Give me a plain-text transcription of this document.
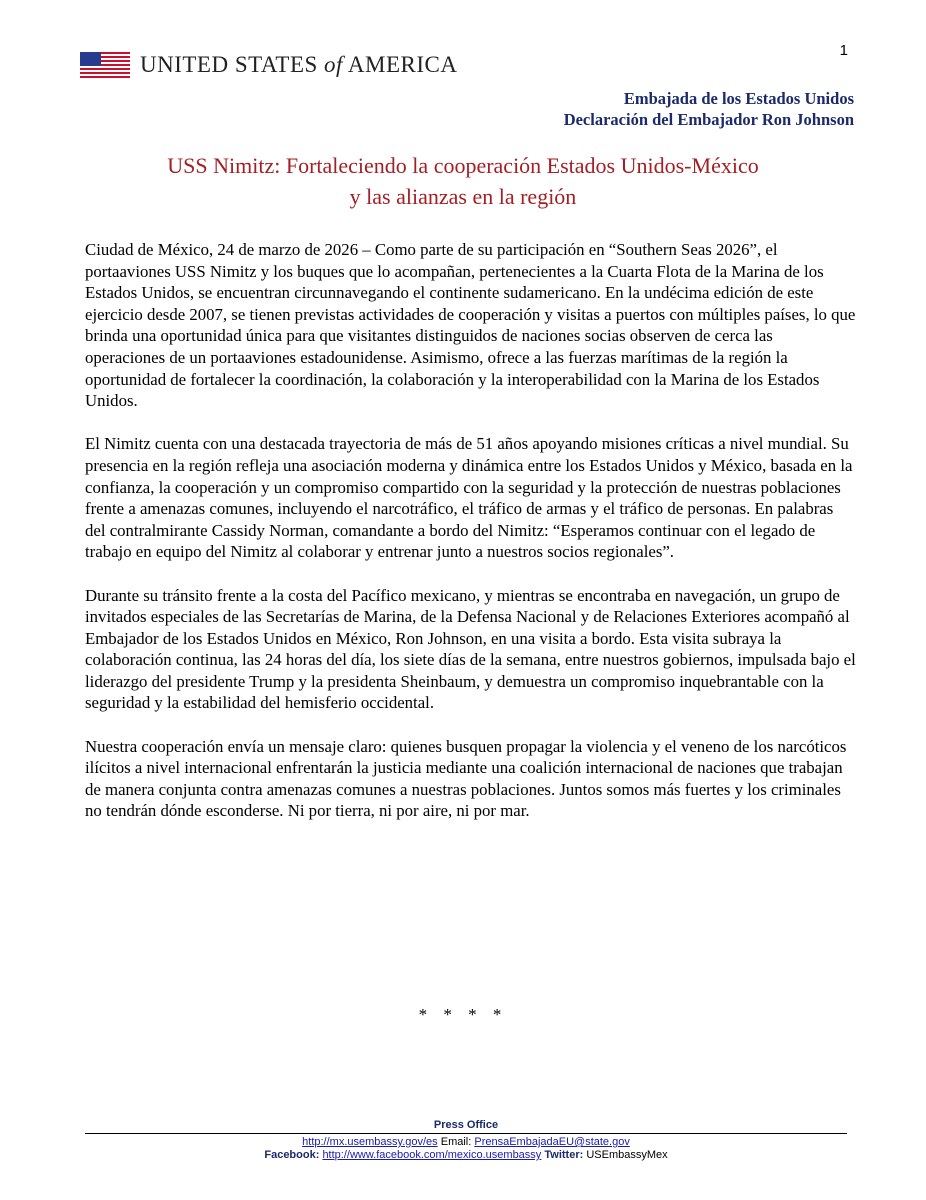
1
UNITED STATES of AMERICA
Embajada de los Estados Unidos
Declaración del Embajador Ron Johnson
USS Nimitz: Fortaleciendo la cooperación Estados Unidos-México
y las alianzas en la región

Ciudad de México, 24 de marzo de 2026 – Como parte de su participación en “Southern Seas 2026”, el portaaviones USS Nimitz y los buques que lo acompañan, pertenecientes a la Cuarta Flota de la Marina de los Estados Unidos, se encuentran circunnavegando el continente sudamericano. En la undécima edición de este ejercicio desde 2007, se tienen previstas actividades de cooperación y visitas a puertos con múltiples países, lo que brinda una oportunidad única para que visitantes distinguidos de naciones socias observen de cerca las operaciones de un portaaviones estadounidense. Asimismo, ofrece a las fuerzas marítimas de la región la oportunidad de fortalecer la coordinación, la colaboración y la interoperabilidad con la Marina de los Estados Unidos.

El Nimitz cuenta con una destacada trayectoria de más de 51 años apoyando misiones críticas a nivel mundial. Su presencia en la región refleja una asociación moderna y dinámica entre los Estados Unidos y México, basada en la confianza, la cooperación y un compromiso compartido con la seguridad y la protección de nuestras poblaciones frente a amenazas comunes, incluyendo el narcotráfico, el tráfico de armas y el tráfico de personas. En palabras del contralmirante Cassidy Norman, comandante a bordo del Nimitz: “Esperamos continuar con el legado de trabajo en equipo del Nimitz al colaborar y entrenar junto a nuestros socios regionales”.

Durante su tránsito frente a la costa del Pacífico mexicano, y mientras se encontraba en navegación, un grupo de invitados especiales de las Secretarías de Marina, de la Defensa Nacional y de Relaciones Exteriores acompañó al Embajador de los Estados Unidos en México, Ron Johnson, en una visita a bordo. Esta visita subraya la colaboración continua, las 24 horas del día, los siete días de la semana, entre nuestros gobiernos, impulsada bajo el liderazgo del presidente Trump y la presidenta Sheinbaum, y demuestra un compromiso inquebrantable con la seguridad y la estabilidad del hemisferio occidental.

Nuestra cooperación envía un mensaje claro: quienes busquen propagar la violencia y el veneno de los narcóticos ilícitos a nivel internacional enfrentarán la justicia mediante una coalición internacional de naciones que trabajan de manera conjunta contra amenazas comunes a nuestras poblaciones. Juntos somos más fuertes y los criminales no tendrán dónde esconderse. Ni por tierra, ni por aire, ni por mar.

* * * *
Press Office
http://mx.usembassy.gov/es Email: PrensaEmbajadaEU@state.gov
Facebook: http://www.facebook.com/mexico.usembassy Twitter: USEmbassyMex
